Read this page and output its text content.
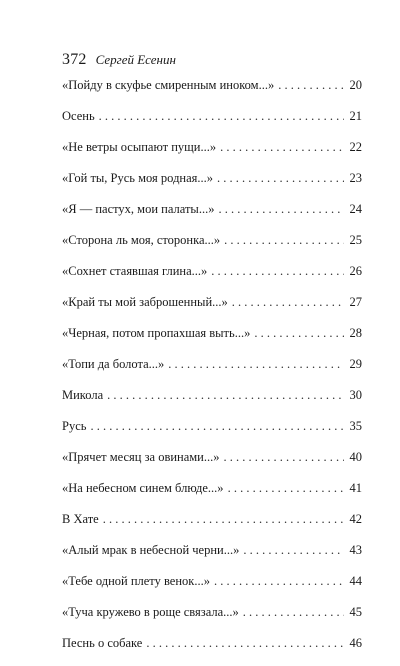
372 Сергей Есенин
«Пойду в скуфье смиренным иноком...» . . .	20
Осень . . .	21
«Не ветры осыпают пущи...» . . .	22
«Гой ты, Русь моя родная...» . . .	23
«Я — пастух, мои палаты...» . . .	24
«Сторона ль моя, сторонка...» . . .	25
«Сохнет стаявшая глина...» . . .	26
«Край ты мой заброшенный...» . . .	27
«Черная, потом пропахшая выть...» . . .	28
«Топи да болота...» . . .	29
Микола . . .	30
Русь . . .	35
«Прячет месяц за овинами...» . . .	40
«На небесном синем блюде...» . . .	41
В Хате . . .	42
«Алый мрак в небесной черни...» . . .	43
«Тебе одной плету венок...» . . .	44
«Туча кружево в роще связала...» . . .	45
Песнь о собаке . . .	46
